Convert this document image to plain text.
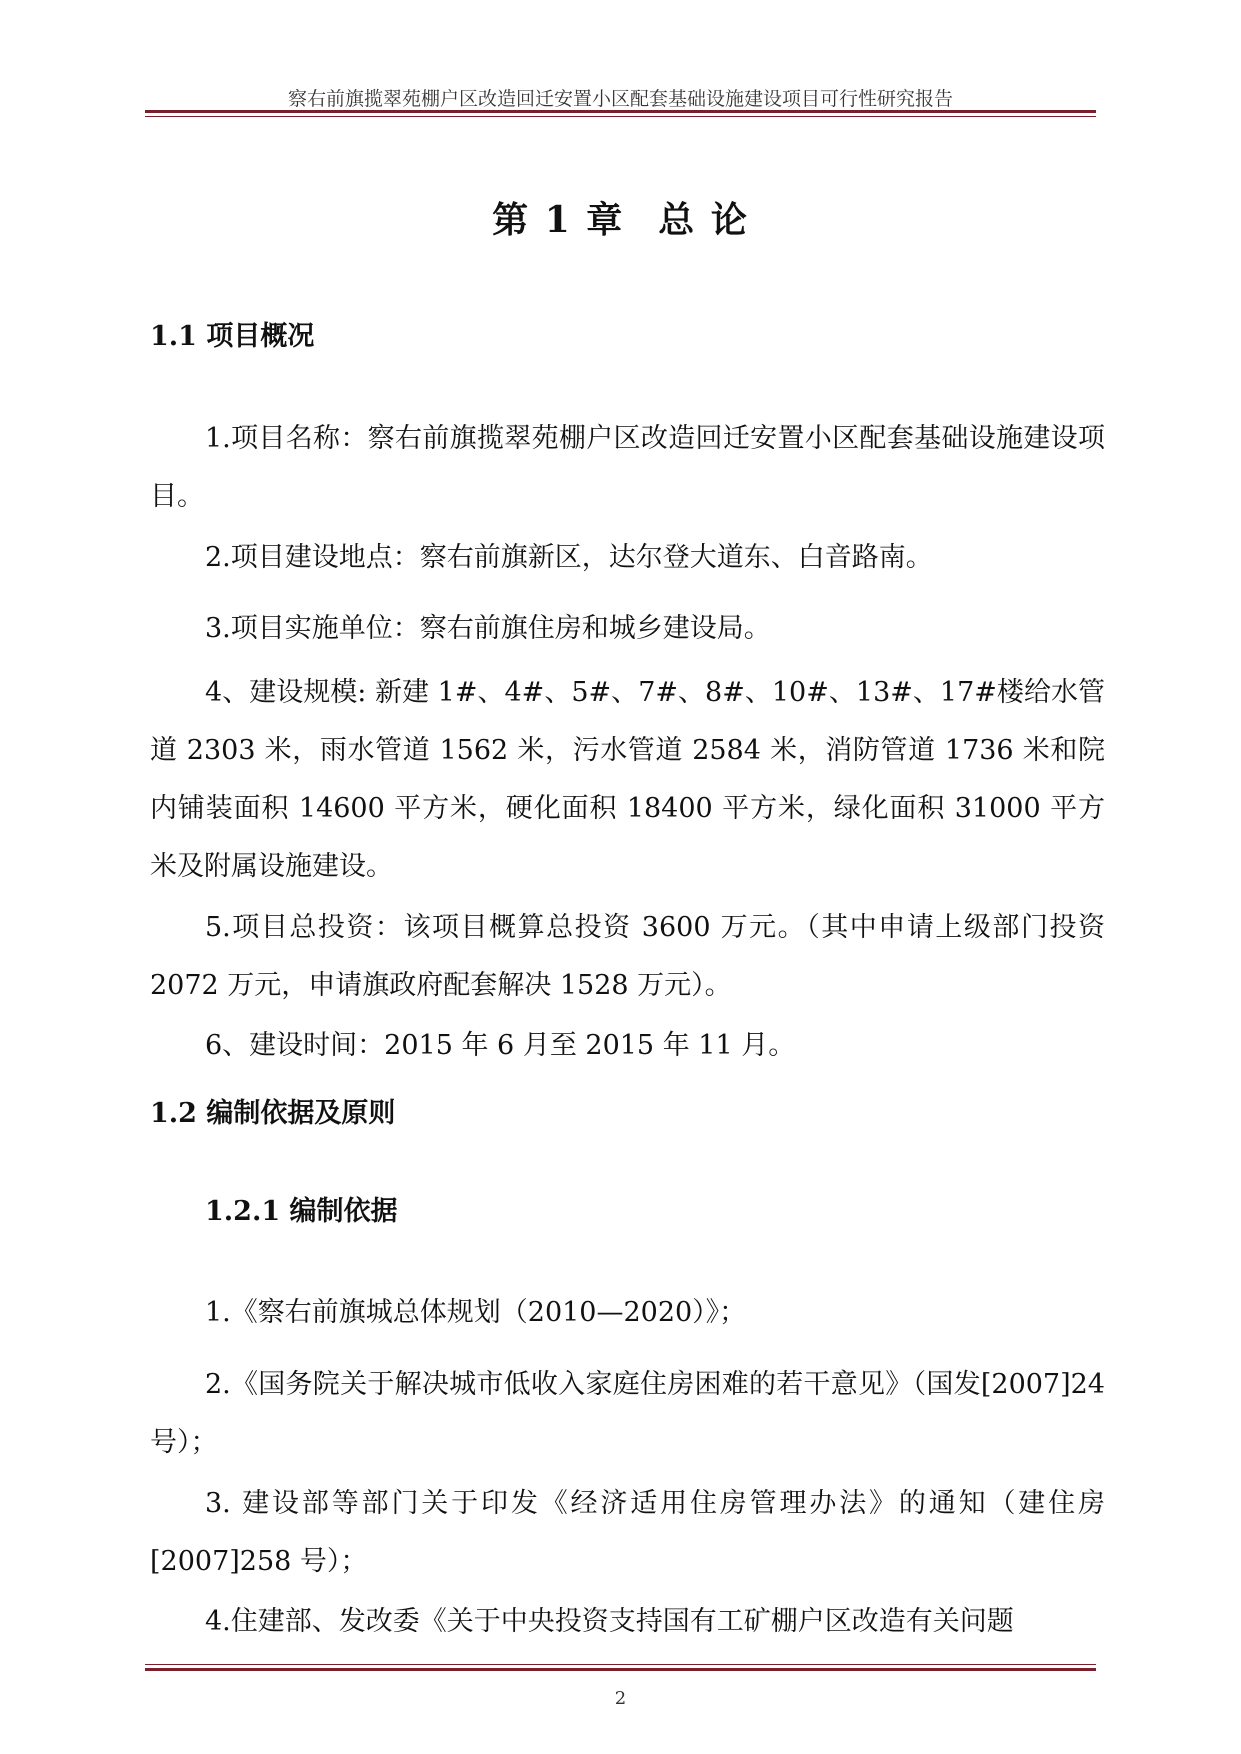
察右前旗揽翠苑棚户区改造回迁安置小区配套基础设施建设项目可行性研究报告
第 1 章 总 论
1.1 项目概况

1.项目名称：察右前旗揽翠苑棚户区改造回迁安置小区配套基础设施建设项目。

2.项目建设地点：察右前旗新区，达尔登大道东、白音路南。

3.项目实施单位：察右前旗住房和城乡建设局。

4、建设规模: 新建 1#、4#、5#、7#、8#、10#、13#、17#楼给水管道 2303 米，雨水管道 1562 米，污水管道 2584 米，消防管道 1736 米和院内铺装面积 14600 平方米，硬化面积 18400 平方米，绿化面积 31000 平方米及附属设施建设。

5.项目总投资：该项目概算总投资 3600 万元。（其中申请上级部门投资 2072 万元，申请旗政府配套解决 1528 万元）。

6、建设时间：2015 年 6 月至 2015 年 11 月。

1.2 编制依据及原则
1.2.1 编制依据

1.《察右前旗城总体规划（2010—2020）》；

2.《国务院关于解决城市低收入家庭住房困难的若干意见》（国发[2007]24 号）；

3. 建设部等部门关于印发《经济适用住房管理办法》的通知（建住房[2007]258 号）；

4.住建部、发改委《关于中央投资支持国有工矿棚户区改造有关问题

2
